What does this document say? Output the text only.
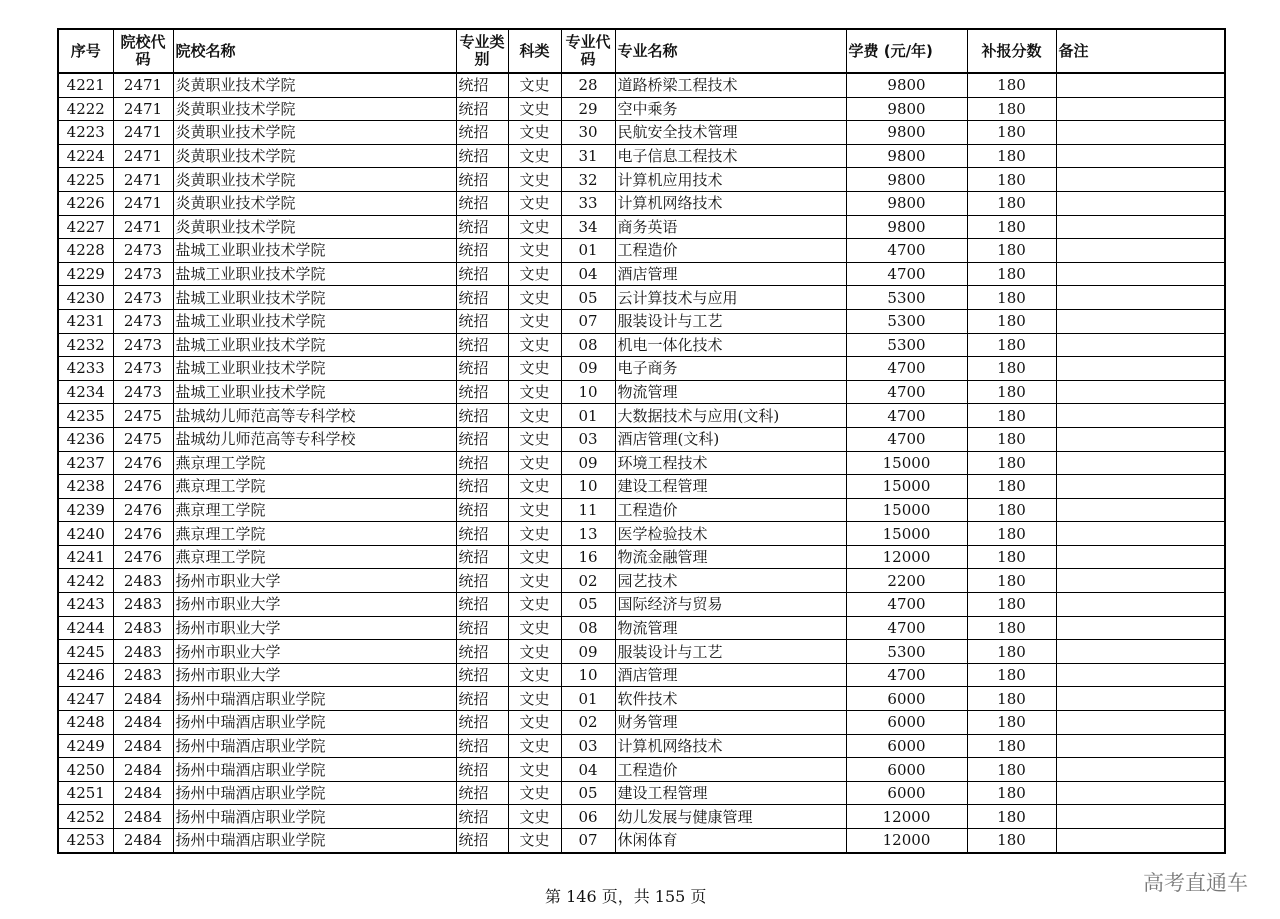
序号	院校代码	院校名称	专业类别	科类	专业代码	专业名称	学费 (元/年)	补报分数	备注
4221	2471	炎黄职业技术学院	统招	文史	28	道路桥梁工程技术	9800	180	
4222	2471	炎黄职业技术学院	统招	文史	29	空中乘务	9800	180	
4223	2471	炎黄职业技术学院	统招	文史	30	民航安全技术管理	9800	180	
4224	2471	炎黄职业技术学院	统招	文史	31	电子信息工程技术	9800	180	
4225	2471	炎黄职业技术学院	统招	文史	32	计算机应用技术	9800	180	
4226	2471	炎黄职业技术学院	统招	文史	33	计算机网络技术	9800	180	
4227	2471	炎黄职业技术学院	统招	文史	34	商务英语	9800	180	
4228	2473	盐城工业职业技术学院	统招	文史	01	工程造价	4700	180	
4229	2473	盐城工业职业技术学院	统招	文史	04	酒店管理	4700	180	
4230	2473	盐城工业职业技术学院	统招	文史	05	云计算技术与应用	5300	180	
4231	2473	盐城工业职业技术学院	统招	文史	07	服装设计与工艺	5300	180	
4232	2473	盐城工业职业技术学院	统招	文史	08	机电一体化技术	5300	180	
4233	2473	盐城工业职业技术学院	统招	文史	09	电子商务	4700	180	
4234	2473	盐城工业职业技术学院	统招	文史	10	物流管理	4700	180	
4235	2475	盐城幼儿师范高等专科学校	统招	文史	01	大数据技术与应用(文科)	4700	180	
4236	2475	盐城幼儿师范高等专科学校	统招	文史	03	酒店管理(文科)	4700	180	
4237	2476	燕京理工学院	统招	文史	09	环境工程技术	15000	180	
4238	2476	燕京理工学院	统招	文史	10	建设工程管理	15000	180	
4239	2476	燕京理工学院	统招	文史	11	工程造价	15000	180	
4240	2476	燕京理工学院	统招	文史	13	医学检验技术	15000	180	
4241	2476	燕京理工学院	统招	文史	16	物流金融管理	12000	180	
4242	2483	扬州市职业大学	统招	文史	02	园艺技术	2200	180	
4243	2483	扬州市职业大学	统招	文史	05	国际经济与贸易	4700	180	
4244	2483	扬州市职业大学	统招	文史	08	物流管理	4700	180	
4245	2483	扬州市职业大学	统招	文史	09	服装设计与工艺	5300	180	
4246	2483	扬州市职业大学	统招	文史	10	酒店管理	4700	180	
4247	2484	扬州中瑞酒店职业学院	统招	文史	01	软件技术	6000	180	
4248	2484	扬州中瑞酒店职业学院	统招	文史	02	财务管理	6000	180	
4249	2484	扬州中瑞酒店职业学院	统招	文史	03	计算机网络技术	6000	180	
4250	2484	扬州中瑞酒店职业学院	统招	文史	04	工程造价	6000	180	
4251	2484	扬州中瑞酒店职业学院	统招	文史	05	建设工程管理	6000	180	
4252	2484	扬州中瑞酒店职业学院	统招	文史	06	幼儿发展与健康管理	12000	180	
4253	2484	扬州中瑞酒店职业学院	统招	文史	07	休闲体育	12000	180	
第 146 页，共 155 页
高考直通车
